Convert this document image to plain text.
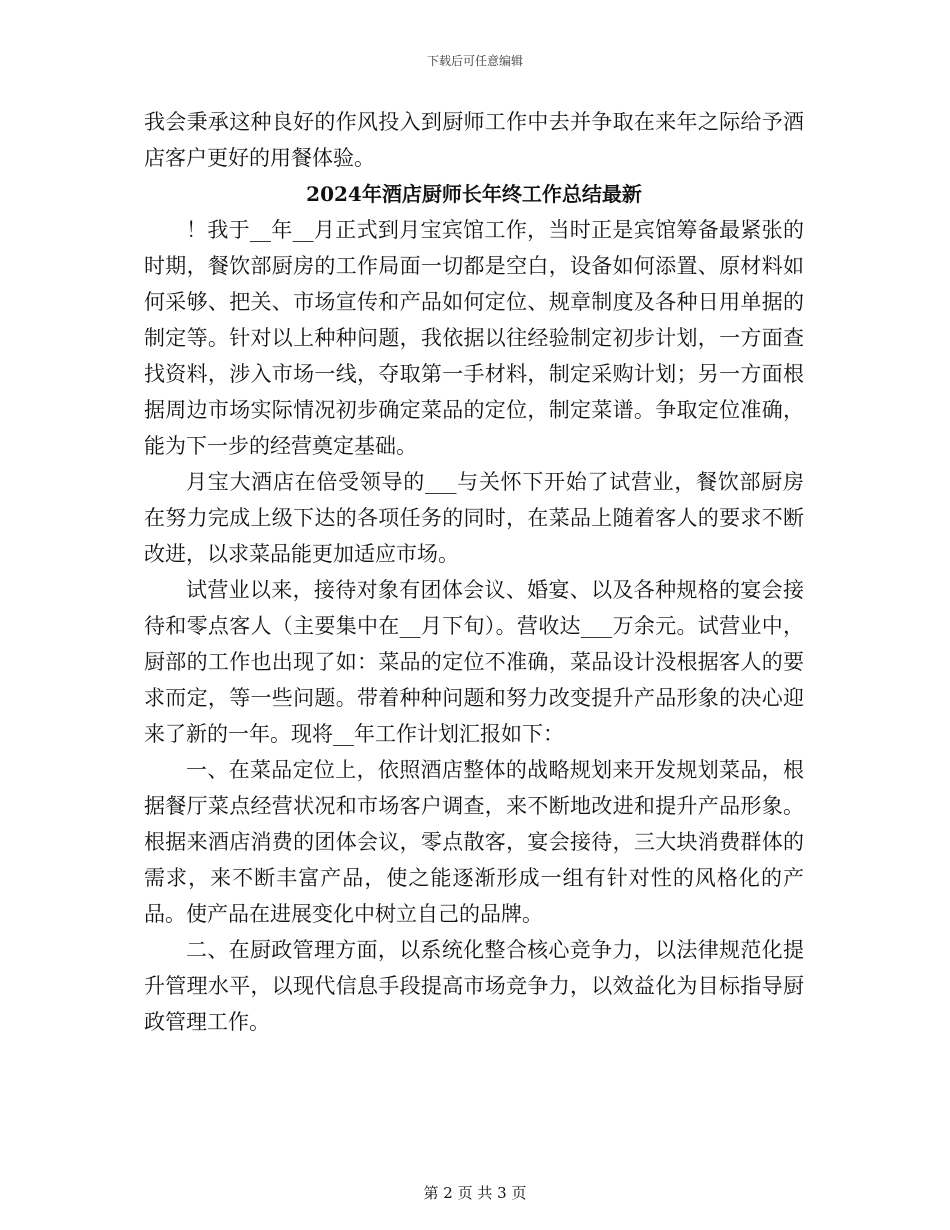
下载后可任意编辑

我会秉承这种良好的作风投入到厨师工作中去并争取在来年之际给予酒店客户更好的用餐体验。

2024年酒店厨师长年终工作总结最新

！我于__年__月正式到月宝宾馆工作，当时正是宾馆筹备最紧张的时期，餐饮部厨房的工作局面一切都是空白，设备如何添置、原材料如何采够、把关、市场宣传和产品如何定位、规章制度及各种日用单据的制定等。针对以上种种问题，我依据以往经验制定初步计划，一方面查找资料，涉入市场一线，夺取第一手材料，制定采购计划；另一方面根据周边市场实际情况初步确定菜品的定位，制定菜谱。争取定位准确，能为下一步的经营奠定基础。

月宝大酒店在倍受领导的___与关怀下开始了试营业，餐饮部厨房在努力完成上级下达的各项任务的同时，在菜品上随着客人的要求不断改进，以求菜品能更加适应市场。

试营业以来，接待对象有团体会议、婚宴、以及各种规格的宴会接待和零点客人（主要集中在__月下旬）。营收达___万余元。试营业中，厨部的工作也出现了如：菜品的定位不准确，菜品设计没根据客人的要求而定，等一些问题。带着种种问题和努力改变提升产品形象的决心迎来了新的一年。现将__年工作计划汇报如下：

一、在菜品定位上，依照酒店整体的战略规划来开发规划菜品，根据餐厅菜点经营状况和市场客户调查，来不断地改进和提升产品形象。根据来酒店消费的团体会议，零点散客，宴会接待，三大块消费群体的需求，来不断丰富产品，使之能逐渐形成一组有针对性的风格化的产品。使产品在进展变化中树立自己的品牌。

二、在厨政管理方面，以系统化整合核心竞争力，以法律规范化提升管理水平，以现代信息手段提高市场竞争力，以效益化为目标指导厨政管理工作。

第 2 页 共 3 页
